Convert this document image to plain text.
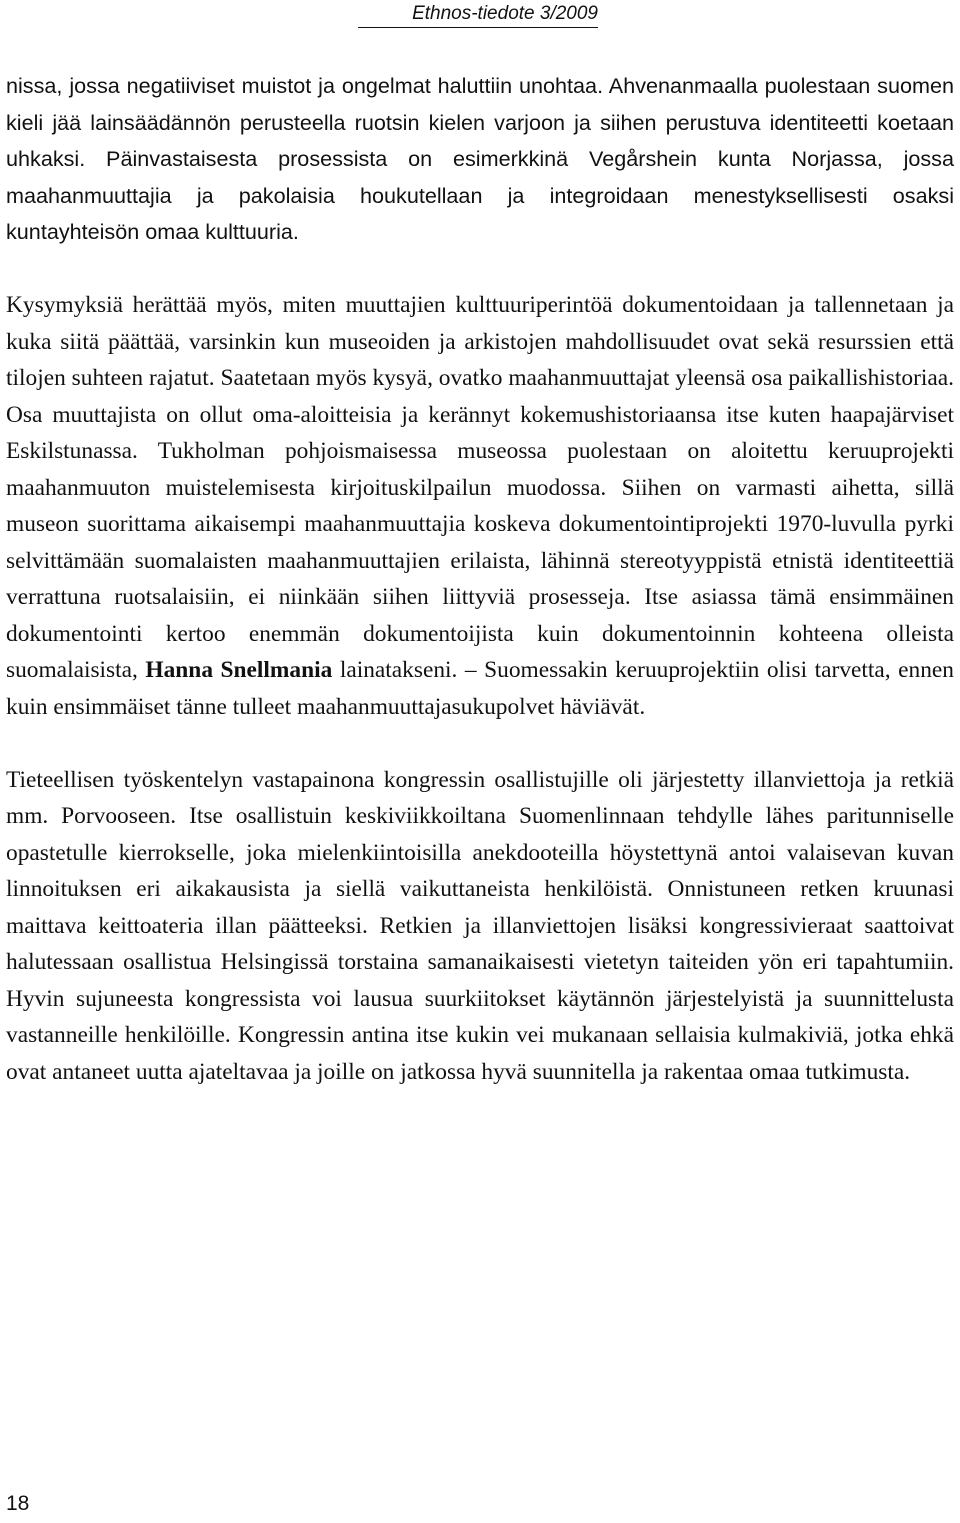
Ethnos-tiedote 3/2009

nissa, jossa negatiiviset muistot ja ongelmat haluttiin unohtaa. Ahvenanmaalla puolestaan suomen kieli jää lainsäädännön perusteella ruotsin kielen varjoon ja siihen perustuva identiteetti koetaan uhkaksi. Päinvastaisesta prosessista on esimerkkinä Vegårshein kunta Norjassa, jossa maahanmuuttajia ja pakolaisia houkutellaan ja integroidaan menestyksellisesti osaksi kuntayhteisön omaa kulttuuria.

Kysymyksiä herättää myös, miten muuttajien kulttuuriperintöä dokumentoidaan ja tallennetaan ja kuka siitä päättää, varsinkin kun museoiden ja arkistojen mahdollisuudet ovat sekä resurssien että tilojen suhteen rajatut. Saatetaan myös kysyä, ovatko maahanmuuttajat yleensä osa paikallishistoriaa. Osa muuttajista on ollut oma-aloitteisia ja kerännyt kokemushistoriaansa itse kuten haapajärviset Eskilstunassa. Tukholman pohjoismaisessa museossa puolestaan on aloitettu keruuprojekti maahanmuuton muistelemisesta kirjoituskilpailun muodossa. Siihen on varmasti aihetta, sillä museon suorittama aikaisempi maahanmuuttajia koskeva dokumentointiprojekti 1970-luvulla pyrki selvittämään suomalaisten maahanmuuttajien erilaista, lähinnä stereotyyppistä etnistä identiteettiä verrattuna ruotsalaisiin, ei niinkään siihen liittyviä prosesseja. Itse asiassa tämä ensimmäinen dokumentointi kertoo enemmän dokumentoijista kuin dokumentoinnin kohteena olleista suomalaisista, Hanna Snellmania lainatakseni. – Suomessakin keruuprojektiin olisi tarvetta, ennen kuin ensimmäiset tänne tulleet maahanmuuttajasukupolvet häviävät.

Tieteellisen työskentelyn vastapainona kongressin osallistujille oli järjestetty illanviettoja ja retkiä mm. Porvooseen. Itse osallistuin keskiviikkoiltana Suomenlinnaan tehdylle lähes paritunniselle opastetulle kierrokselle, joka mielenkiintoisilla anekdooteilla höystettynä antoi valaisevan kuvan linnoituksen eri aikakausista ja siellä vaikuttaneista henkilöistä. Onnistuneen retken kruunasi maittava keittoateria illan päätteeksi. Retkien ja illanviettojen lisäksi kongressivieraat saattoivat halutessaan osallistua Helsingissä torstaina samanaikaisesti vietetyn taiteiden yön eri tapahtumiin. Hyvin sujuneesta kongressista voi lausua suurkiitokset käytännön järjestelyistä ja suunnittelusta vastanneille henkilöille. Kongressin antina itse kukin vei mukanaan sellaisia kulmakiviä, jotka ehkä ovat antaneet uutta ajateltavaa ja joille on jatkossa hyvä suunnitella ja rakentaa omaa tutkimusta.

18
